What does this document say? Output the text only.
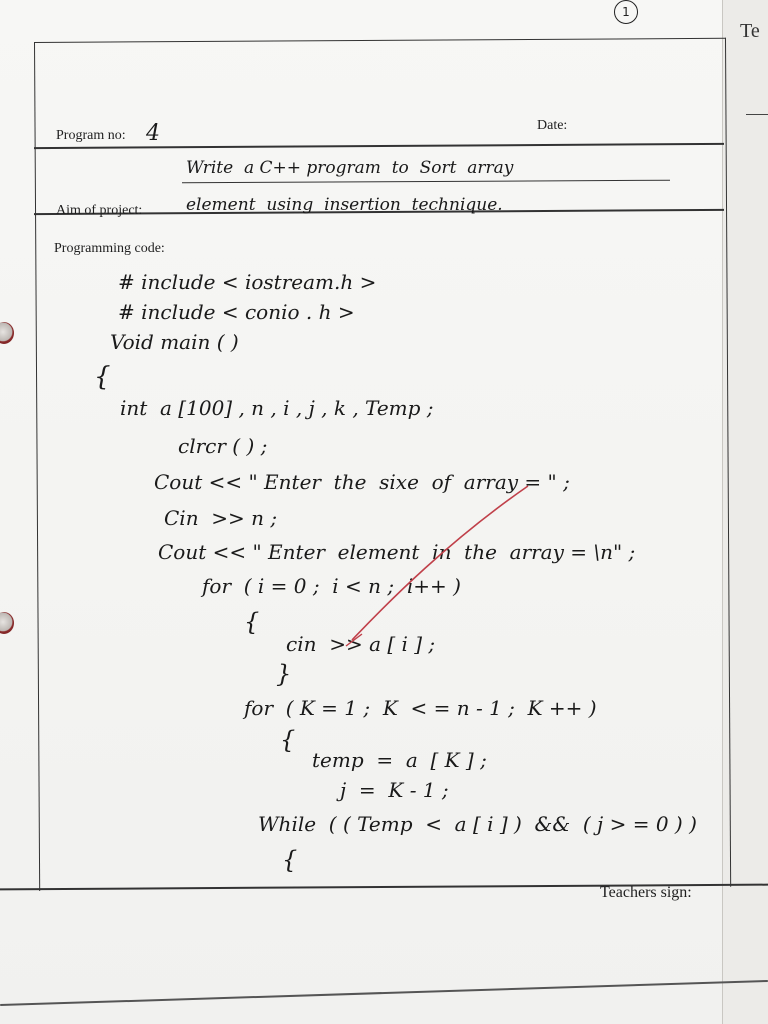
Te
1
Program no: 4	Date:
Aim of project:
Write  a C++ program  to  Sort  array
element  using  insertion  technique.
Programming code:
# include < iostream.h >
# include < conio . h >
Void main ( )
{
int  a [100] , n , i , j , k , Temp ;
clrcr ( ) ;
Cout << " Enter  the  sixe  of  array = " ;
Cin  >> n ;
Cout << " Enter  element  in  the  array = \n" ;
for  ( i = 0 ;  i < n ;  i++ )
{
cin  >> a [ i ] ;
}
for  ( K = 1 ;  K  < = n - 1 ;  K ++ )
{
temp  =  a  [ K ] ;
j  =  K - 1 ;
While  ( ( Temp  <  a [ i ] )  &&  ( j > = 0 ) )
{
Teachers sign:
